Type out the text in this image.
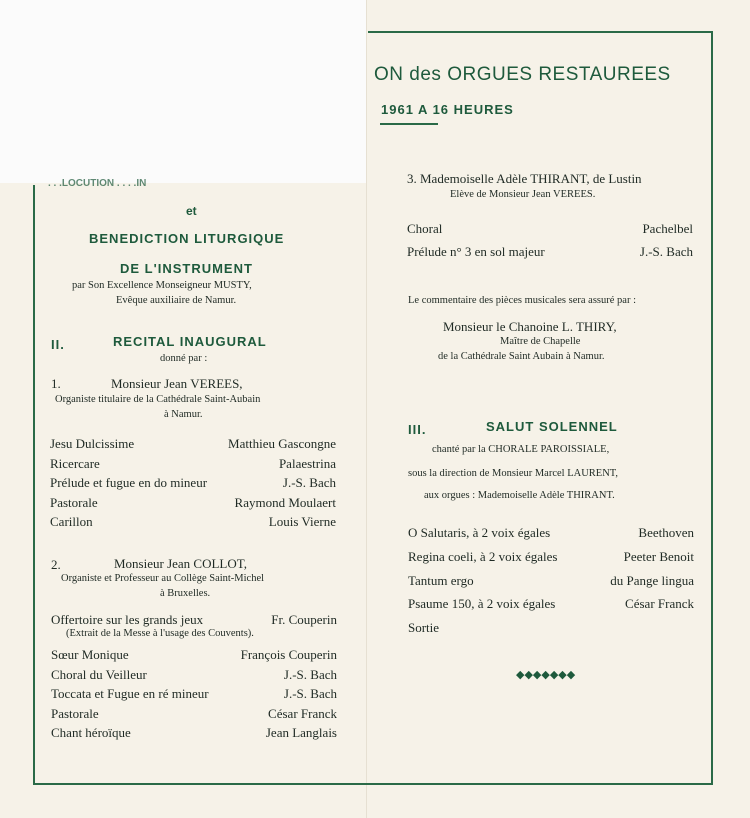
ON des ORGUES RESTAUREES
1961 A 16 HEURES
. . .LOCUTION . . . .IN
et
BENEDICTION LITURGIQUE
DE L'INSTRUMENT
par Son Excellence Monseigneur MUSTY,
Evêque auxiliaire de Namur.
II.	RECITAL INAUGURAL
donné par :
1.	Monsieur Jean VEREES,
Organiste titulaire de la Cathédrale Saint-Aubain
à Namur.
Jesu Dulcissime	Matthieu Gascongne
Ricercare	Palaestrina
Prélude et fugue en do mineur	J.-S. Bach
Pastorale	Raymond Moulaert
Carillon	Louis Vierne
2.	Monsieur Jean COLLOT,
Organiste et Professeur au Collège Saint-Michel
à Bruxelles.
Offertoire sur les grands jeux	Fr. Couperin
(Extrait de la Messe à l'usage des Couvents).
Sœur Monique	François Couperin
Choral du Veilleur	J.-S. Bach
Toccata et Fugue en ré mineur	J.-S. Bach
Pastorale	César Franck
Chant héroïque	Jean Langlais
3. Mademoiselle Adèle THIRANT, de Lustin
Elève de Monsieur Jean VEREES.
Choral	Pachelbel
Prélude n° 3 en sol majeur	J.-S. Bach
Le commentaire des pièces musicales sera assuré par :
Monsieur le Chanoine L. THIRY,
Maître de Chapelle
de la Cathédrale Saint Aubain à Namur.
III.	SALUT SOLENNEL
chanté par la CHORALE PAROISSIALE,
sous la direction de Monsieur Marcel LAURENT,
aux orgues : Mademoiselle Adèle THIRANT.
O Salutaris, à 2 voix égales	Beethoven
Regina coeli, à 2 voix égales	Peeter Benoit
Tantum ergo	du Pange lingua
Psaume 150, à 2 voix égales	César Franck
Sortie
◆◆◆◆◆◆◆
